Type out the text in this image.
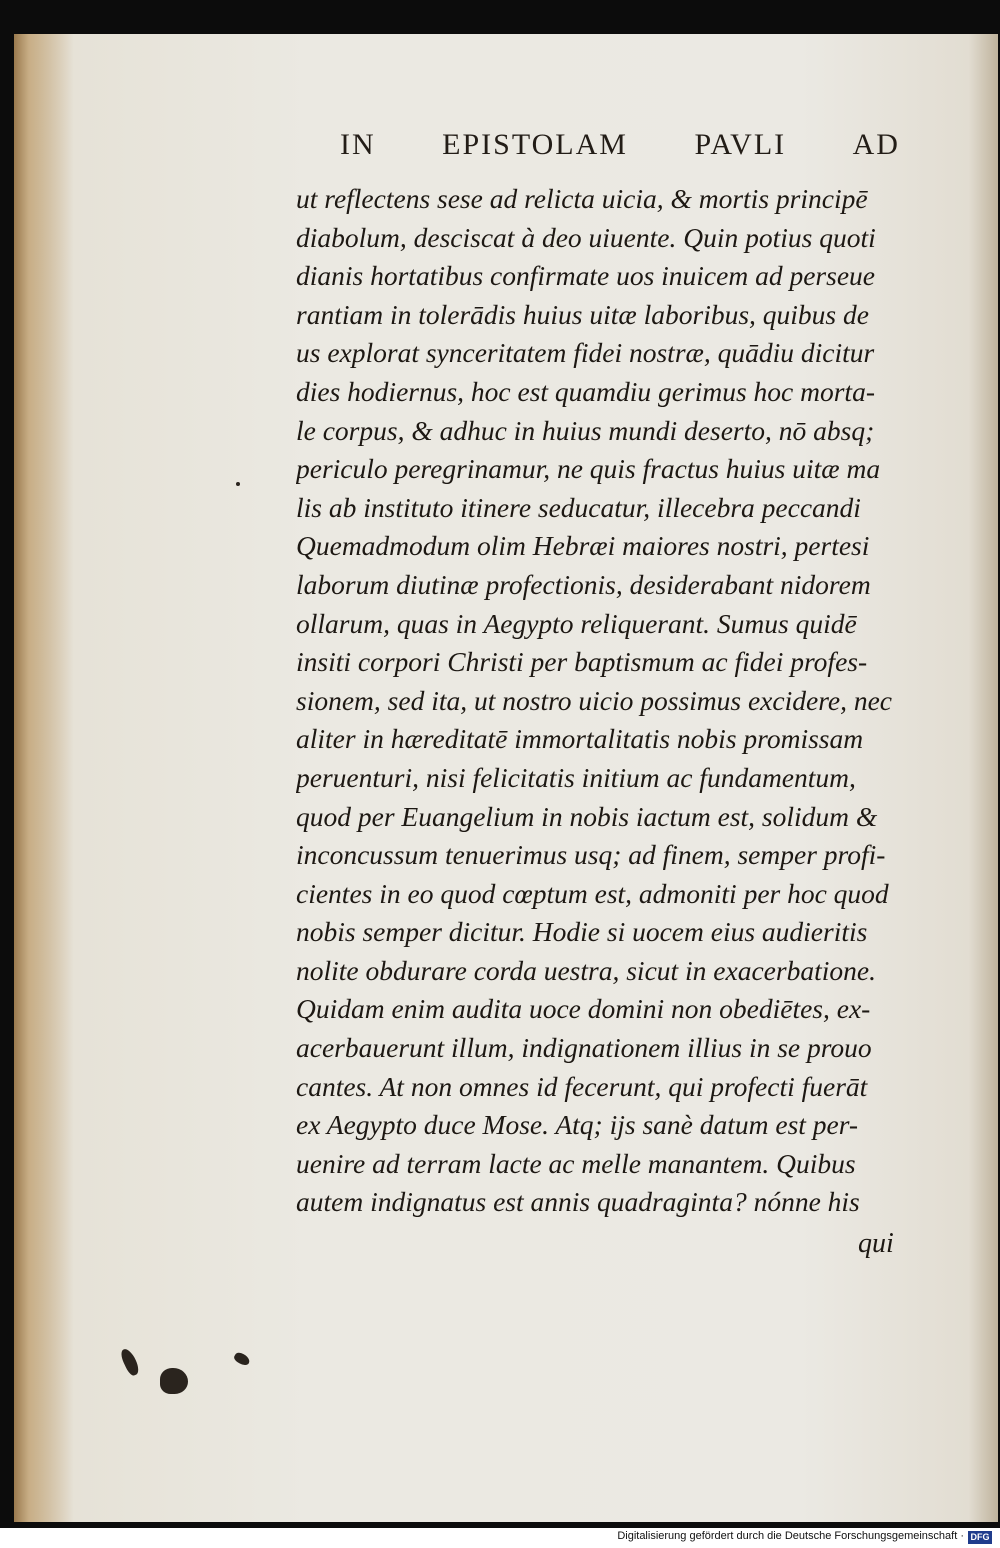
IN EPISTOLAM PAVLI AD
ut reflectens sese ad relicta uicia, & mortis principē
diabolum, desciscat à deo uiuente. Quin potius quoti
dianis hortatibus confirmate uos inuicem ad perseue
rantiam in tolerādis huius uitæ laboribus, quibus de
us explorat synceritatem fidei nostræ, quādiu dicitur
dies hodiernus, hoc est quamdiu gerimus hoc morta-
le corpus, & adhuc in huius mundi deserto, nō absq;
periculo peregrinamur, ne quis fractus huius uitæ ma
lis ab instituto itinere seducatur, illecebra peccandi
Quemadmodum olim Hebræi maiores nostri, pertesi
laborum diutinæ profectionis, desiderabant nidorem
ollarum, quas in Aegypto reliquerant. Sumus quidē
insiti corpori Christi per baptismum ac fidei profes-
sionem, sed ita, ut nostro uicio possimus excidere, nec
aliter in hæreditatē immortalitatis nobis promissam
peruenturi, nisi felicitatis initium ac fundamentum,
quod per Euangelium in nobis iactum est, solidum &
inconcussum tenuerimus usq; ad finem, semper profi-
cientes in eo quod cœptum est, admoniti per hoc quod
nobis semper dicitur. Hodie si uocem eius audieritis
nolite obdurare corda uestra, sicut in exacerbatione.
Quidam enim audita uoce domini non obediētes, ex-
acerbauerunt illum, indignationem illius in se prouo
cantes. At non omnes id fecerunt, qui profecti fuerāt
ex Aegypto duce Mose. Atq; ijs sanè datum est per-
uenire ad terram lacte ac melle manantem. Quibus
autem indignatus est annis quadraginta? nónne his
qui
Digitalisierung gefördert durch die Deutsche Forschungsgemeinschaft · DFG
